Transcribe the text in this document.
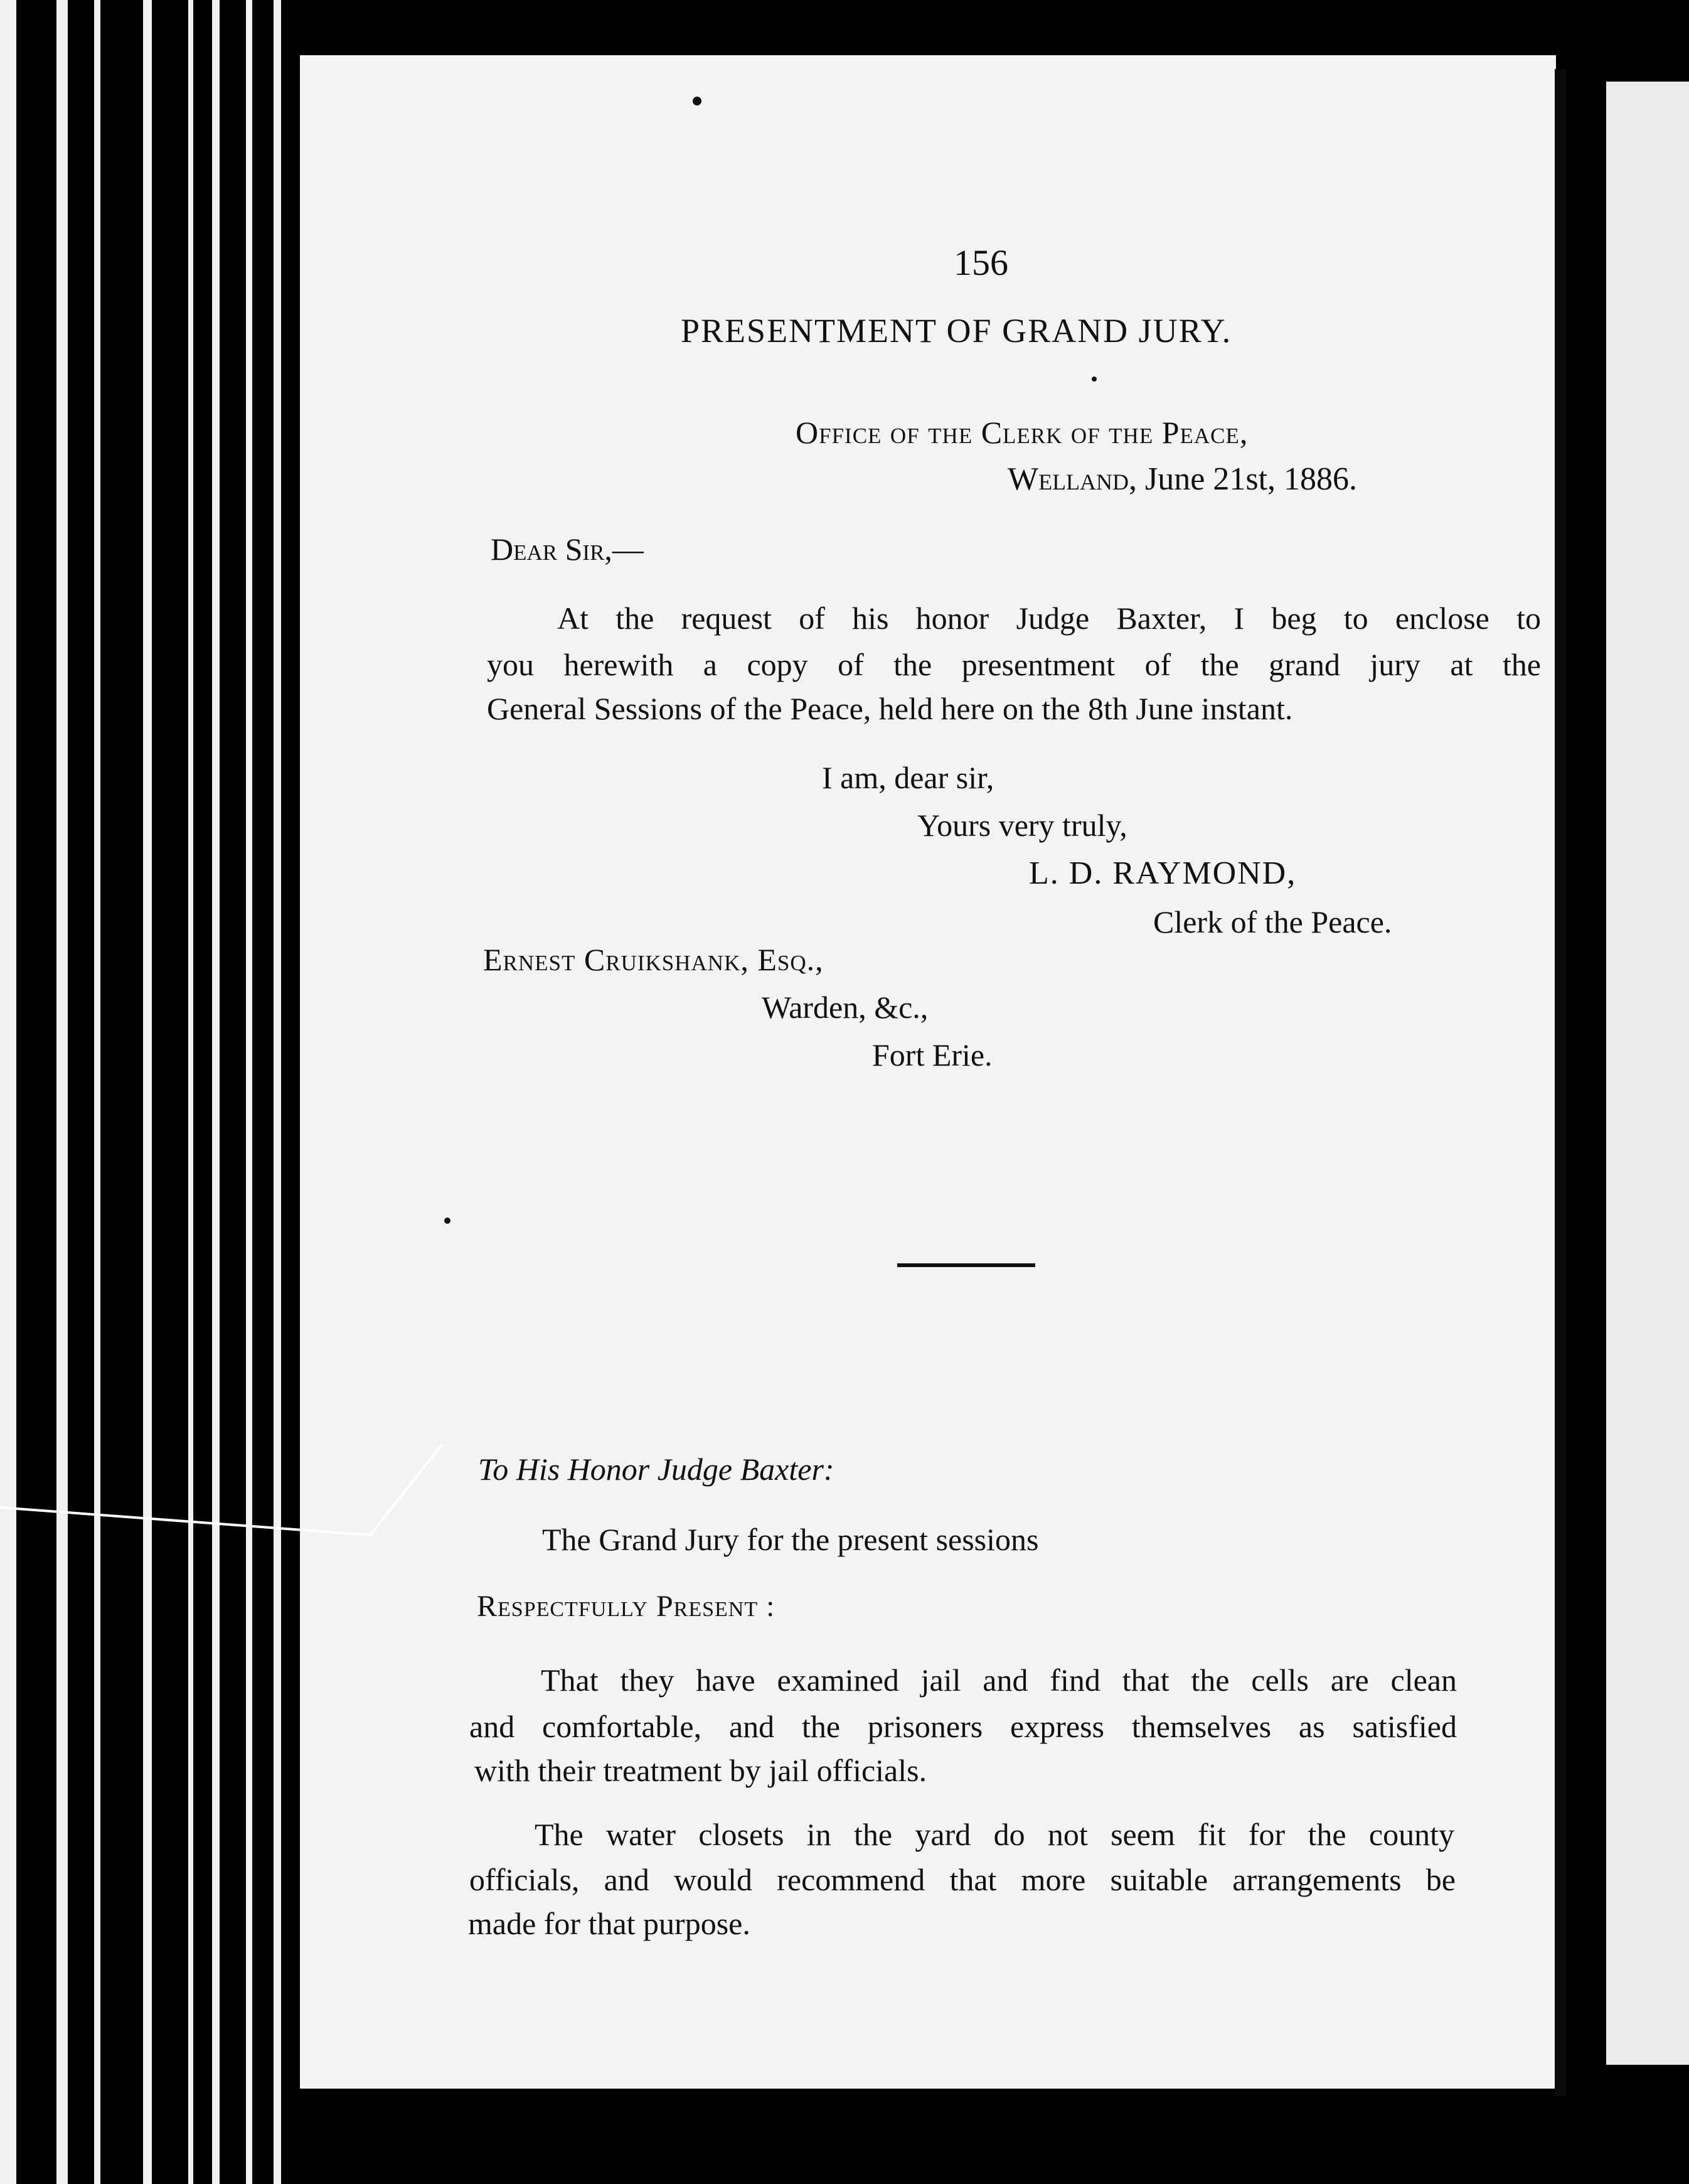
156
PRESENTMENT OF GRAND JURY.
Office of the Clerk of the Peace,
Welland, June 21st, 1886.
Dear Sir,—
At the request of his honor Judge Baxter, I beg to enclose to
you herewith a copy of the presentment of the grand jury at the
General Sessions of the Peace, held here on the 8th June instant.
I am, dear sir,
Yours very truly,
L. D. RAYMOND,
Clerk of the Peace.
Ernest Cruikshank, Esq.,
Warden, &c.,
Fort Erie.
To His Honor Judge Baxter:
The Grand Jury for the present sessions
Respectfully Present :
That they have examined jail and find that the cells are clean
and comfortable, and the prisoners express themselves as satisfied
with their treatment by jail officials.
The water closets in the yard do not seem fit for the county
officials, and would recommend that more suitable arrangements be
made for that purpose.
